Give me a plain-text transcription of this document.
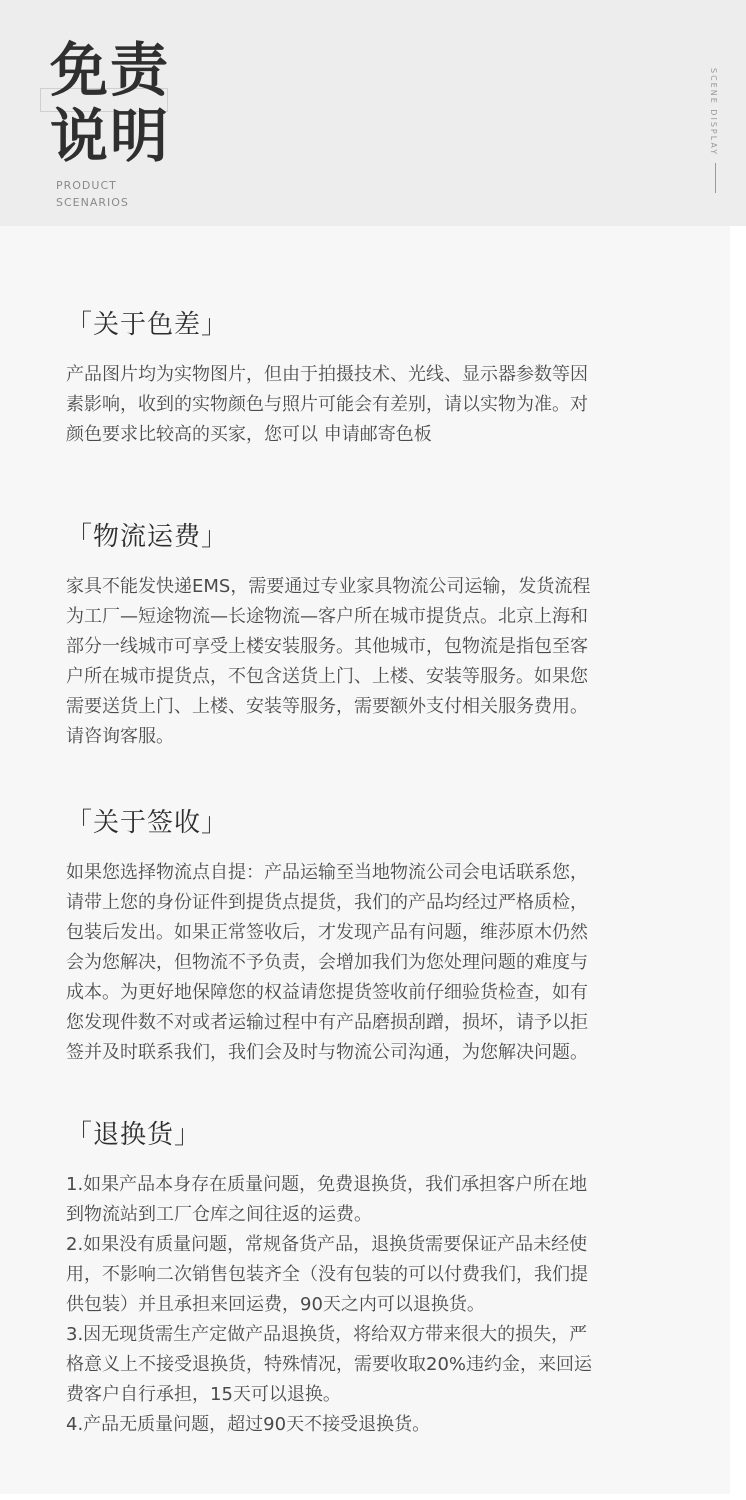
免责
说明
PRODUCT
SCENARIOS
SCENE DISPLAY
「关于色差」

产品图片均为实物图片，但由于拍摄技术、光线、显示器参数等因
素影响，收到的实物颜色与照片可能会有差别，请以实物为准。对
颜色要求比较高的买家，您可以 申请邮寄色板

「物流运费」

家具不能发快递EMS，需要通过专业家具物流公司运输，发货流程
为工厂—短途物流—长途物流—客户所在城市提货点。北京上海和
部分一线城市可享受上楼安装服务。其他城市，包物流是指包至客
户所在城市提货点，不包含送货上门、上楼、安装等服务。如果您
需要送货上门、上楼、安装等服务，需要额外支付相关服务费用。
请咨询客服。

「关于签收」

如果您选择物流点自提：产品运输至当地物流公司会电话联系您，
请带上您的身份证件到提货点提货，我们的产品均经过严格质检，
包装后发出。如果正常签收后，才发现产品有问题，维莎原木仍然
会为您解决，但物流不予负责，会增加我们为您处理问题的难度与
成本。为更好地保障您的权益请您提货签收前仔细验货检查，如有
您发现件数不对或者运输过程中有产品磨损刮蹭，损坏，请予以拒
签并及时联系我们，我们会及时与物流公司沟通，为您解决问题。

「退换货」

1.如果产品本身存在质量问题，免费退换货，我们承担客户所在地
到物流站到工厂仓库之间往返的运费。
2.如果没有质量问题，常规备货产品，退换货需要保证产品未经使
用，不影响二次销售包装齐全（没有包装的可以付费我们，我们提
供包装）并且承担来回运费，90天之内可以退换货。
3.因无现货需生产定做产品退换货，将给双方带来很大的损失，严
格意义上不接受退换货，特殊情况，需要收取20%违约金，来回运
费客户自行承担，15天可以退换。
4.产品无质量问题，超过90天不接受退换货。
